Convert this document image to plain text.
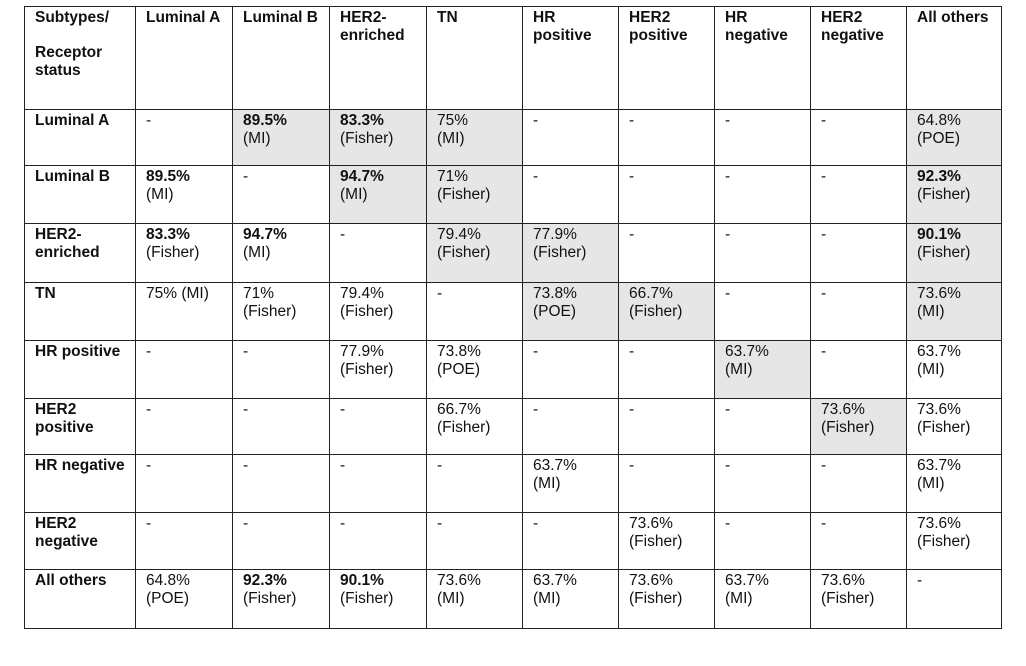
Subtypes/
Receptor status	Luminal A	Luminal B	HER2-enriched	TN	HR positive	HER2 positive	HR negative	HER2 negative	All others
Luminal A	-	89.5%
(MI)	83.3%
(Fisher)	75%
(MI)	-	-	-	-	64.8%
(POE)

Luminal B	89.5%
(MI)	-	94.7%
(MI)	71%
(Fisher)	-	-	-	-	92.3%
(Fisher)

HER2-enriched	83.3%
(Fisher)	94.7%
(MI)	-	79.4%
(Fisher)	77.9%
(Fisher)	-	-	-	90.1%
(Fisher)

TN	75% (MI)	71%
(Fisher)	79.4%
(Fisher)	-	73.8%
(POE)	66.7%
(Fisher)	-	-	73.6%
(MI)

HR positive	-	-	77.9%
(Fisher)	73.8%
(POE)	-	-	63.7%
(MI)	-	63.7%
(MI)

HER2 positive	-	-	-	66.7%
(Fisher)	-	-	-	73.6%
(Fisher)	73.6%
(Fisher)

HR negative	-	-	-	-	63.7%
(MI)	-	-	-	63.7%
(MI)

HER2 negative	-	-	-	-	-	73.6%
(Fisher)	-	-	73.6%
(Fisher)

All others	64.8%
(POE)	92.3%
(Fisher)	90.1%
(Fisher)	73.6%
(MI)	63.7%
(MI)	73.6%
(Fisher)	63.7%
(MI)	73.6%
(Fisher)	-
